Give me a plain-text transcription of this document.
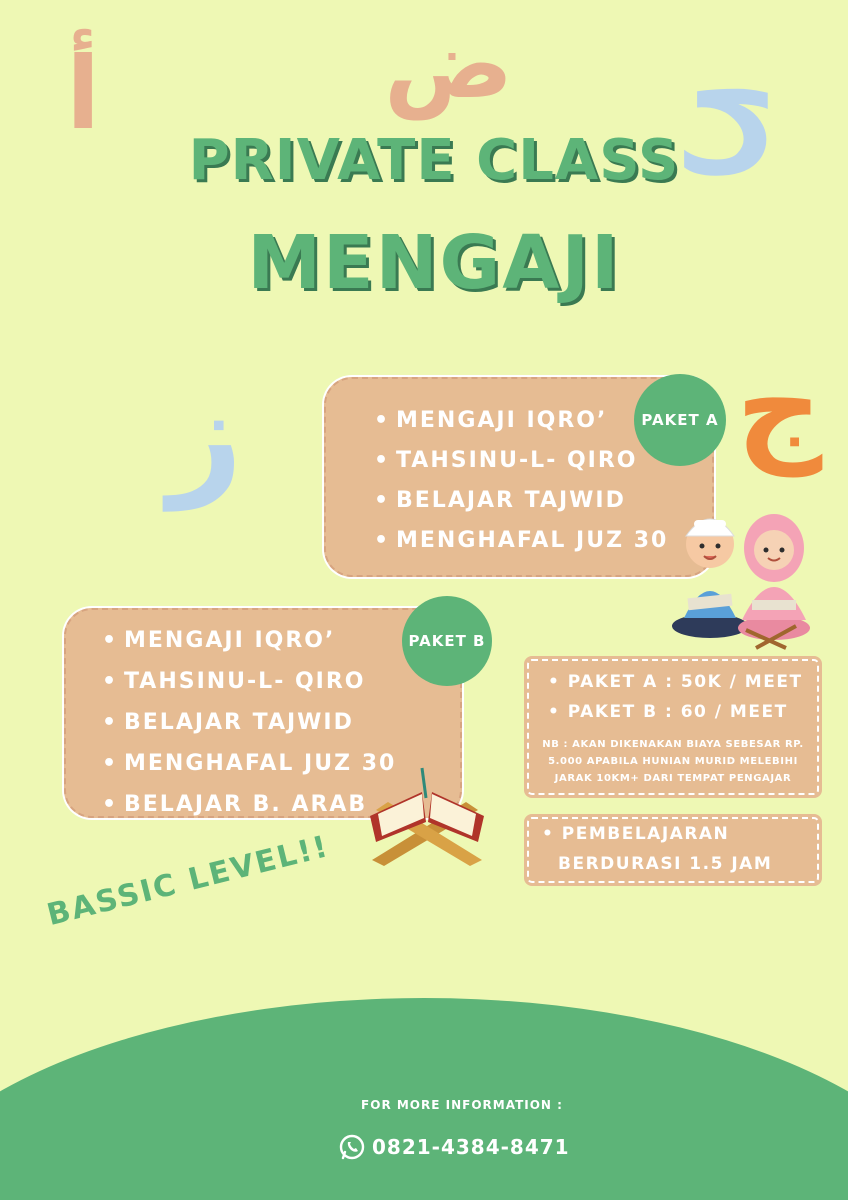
أ	ض ح
ز	ج
PRIVATE CLASS
MENGAJI
• MENGAJI IQRO’
• TAHSINU-L- QIRO
• BELAJAR TAJWID
• MENGHAFAL JUZ 30
PAKET A
• MENGAJI IQRO’
• TAHSINU-L- QIRO
• BELAJAR TAJWID
• MENGHAFAL JUZ 30
• BELAJAR B. ARAB
PAKET B
• PAKET A : 50K / MEET
• PAKET B : 60 / MEET
NB : AKAN DIKENAKAN BIAYA SEBESAR RP. 5.000 APABILA HUNIAN MURID MELEBIHI JARAK 10KM+ DARI TEMPAT PENGAJAR
• PEMBELAJARAN
BERDURASI 1.5 JAM
BASSIC LEVEL!!
FOR MORE INFORMATION :
0821-4384-8471
